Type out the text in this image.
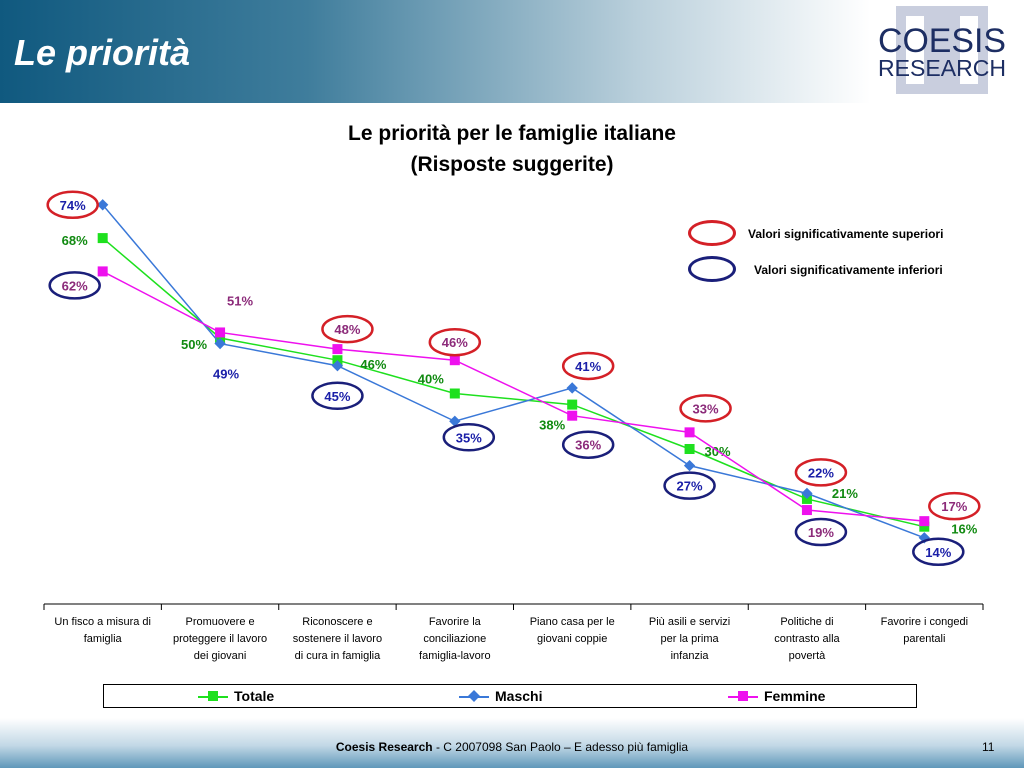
Le priorità	COESIS
RESEARCH
Le priorità per le famiglie italiane
(Risposte suggerite)
Un fisco a misura di famiglia
Promuovere e proteggere il lavoro dei giovani
Riconoscere e sostenere il lavoro di cura in famiglia
Favorire la conciliazione famiglia-lavoro
Piano casa per le giovani coppie
Più asili e servizi per la prima infanzia
Politiche di contrasto alla povertà
Favorire i congedi parentali
68%
50%
46%
40%
38%
30%
21%
16%
74%
49%
45%
35%
41%
27%
22%
14%
62%
51%
48%
46%
36%
33%
19%
17%
Valori significativamente superiori
Valori significativamente inferiori
Totale	Maschi	Femmine
Coesis Research - C 2007098 San Paolo – E adesso più famiglia	11
